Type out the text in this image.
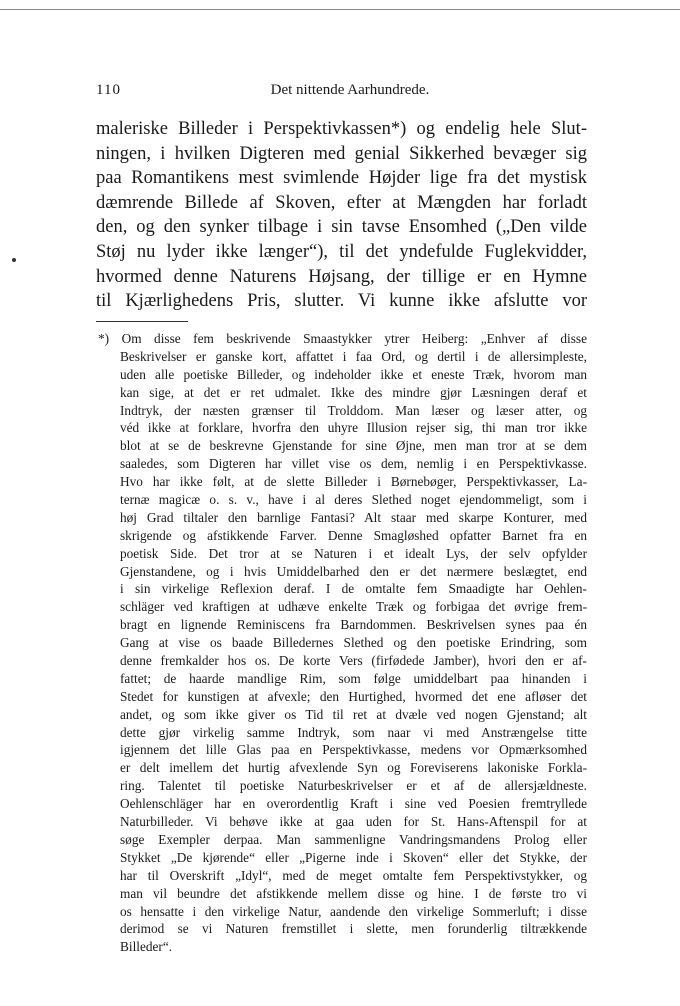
110	Det nittende Aarhundrede.
maleriske Billeder i Perspektivkassen*) og endelig hele Slut-
ningen, i hvilken Digteren med genial Sikkerhed bevæger sig
paa Romantikens mest svimlende Højder lige fra det mystisk
dæmrende Billede af Skoven, efter at Mængden har forladt
den, og den synker tilbage i sin tavse Ensomhed („Den vilde
Støj nu lyder ikke længer“), til det yndefulde Fuglekvidder,
hvormed denne Naturens Højsang, der tillige er en Hymne
til Kjærlighedens Pris, slutter. Vi kunne ikke afslutte vor
*) Om disse fem beskrivende Smaastykker ytrer Heiberg: „Enhver af disse
Beskrivelser er ganske kort, affattet i faa Ord, og dertil i de allersimpleste,
uden alle poetiske Billeder, og indeholder ikke et eneste Træk, hvorom man
kan sige, at det er ret udmalet. Ikke des mindre gjør Læsningen deraf et
Indtryk, der næsten grænser til Trolddom. Man læser og læser atter, og
véd ikke at forklare, hvorfra den uhyre Illusion rejser sig, thi man tror ikke
blot at se de beskrevne Gjenstande for sine Øjne, men man tror at se dem
saaledes, som Digteren har villet vise os dem, nemlig i en Perspektivkasse.
Hvo har ikke følt, at de slette Billeder i Børnebøger, Perspektivkasser, La-
ternæ magicæ o. s. v., have i al deres Slethed noget ejendommeligt, som i
høj Grad tiltaler den barnlige Fantasi? Alt staar med skarpe Konturer, med
skrigende og afstikkende Farver. Denne Smagløshed opfatter Barnet fra en
poetisk Side. Det tror at se Naturen i et idealt Lys, der selv opfylder
Gjenstandene, og i hvis Umiddelbarhed den er det nærmere beslægtet, end
i sin virkelige Reflexion deraf. I de omtalte fem Smaadigte har Oehlen-
schläger ved kraftigen at udhæve enkelte Træk og forbigaa det øvrige frem-
bragt en lignende Reminiscens fra Barndommen. Beskrivelsen synes paa én
Gang at vise os baade Billedernes Slethed og den poetiske Erindring, som
denne fremkalder hos os. De korte Vers (firfødede Jamber), hvori den er af-
fattet; de haarde mandlige Rim, som følge umiddelbart paa hinanden i
Stedet for kunstigen at afvexle; den Hurtighed, hvormed det ene afløser det
andet, og som ikke giver os Tid til ret at dvæle ved nogen Gjenstand; alt
dette gjør virkelig samme Indtryk, som naar vi med Anstrængelse titte
igjennem det lille Glas paa en Perspektivkasse, medens vor Opmærksomhed
er delt imellem det hurtig afvexlende Syn og Foreviserens lakoniske Forkla-
ring. Talentet til poetiske Naturbeskrivelser er et af de allersjældneste.
Oehlenschläger har en overordentlig Kraft i sine ved Poesien fremtryllede
Naturbilleder. Vi behøve ikke at gaa uden for St. Hans-Aftenspil for at
søge Exempler derpaa. Man sammenligne Vandringsmandens Prolog eller
Stykket „De kjørende“ eller „Pigerne inde i Skoven“ eller det Stykke, der
har til Overskrift „Idyl“, med de meget omtalte fem Perspektivstykker, og
man vil beundre det afstikkende mellem disse og hine. I de første tro vi
os hensatte i den virkelige Natur, aandende den virkelige Sommerluft; i disse
derimod se vi Naturen fremstillet i slette, men forunderlig tiltrækkende
Billeder“.
